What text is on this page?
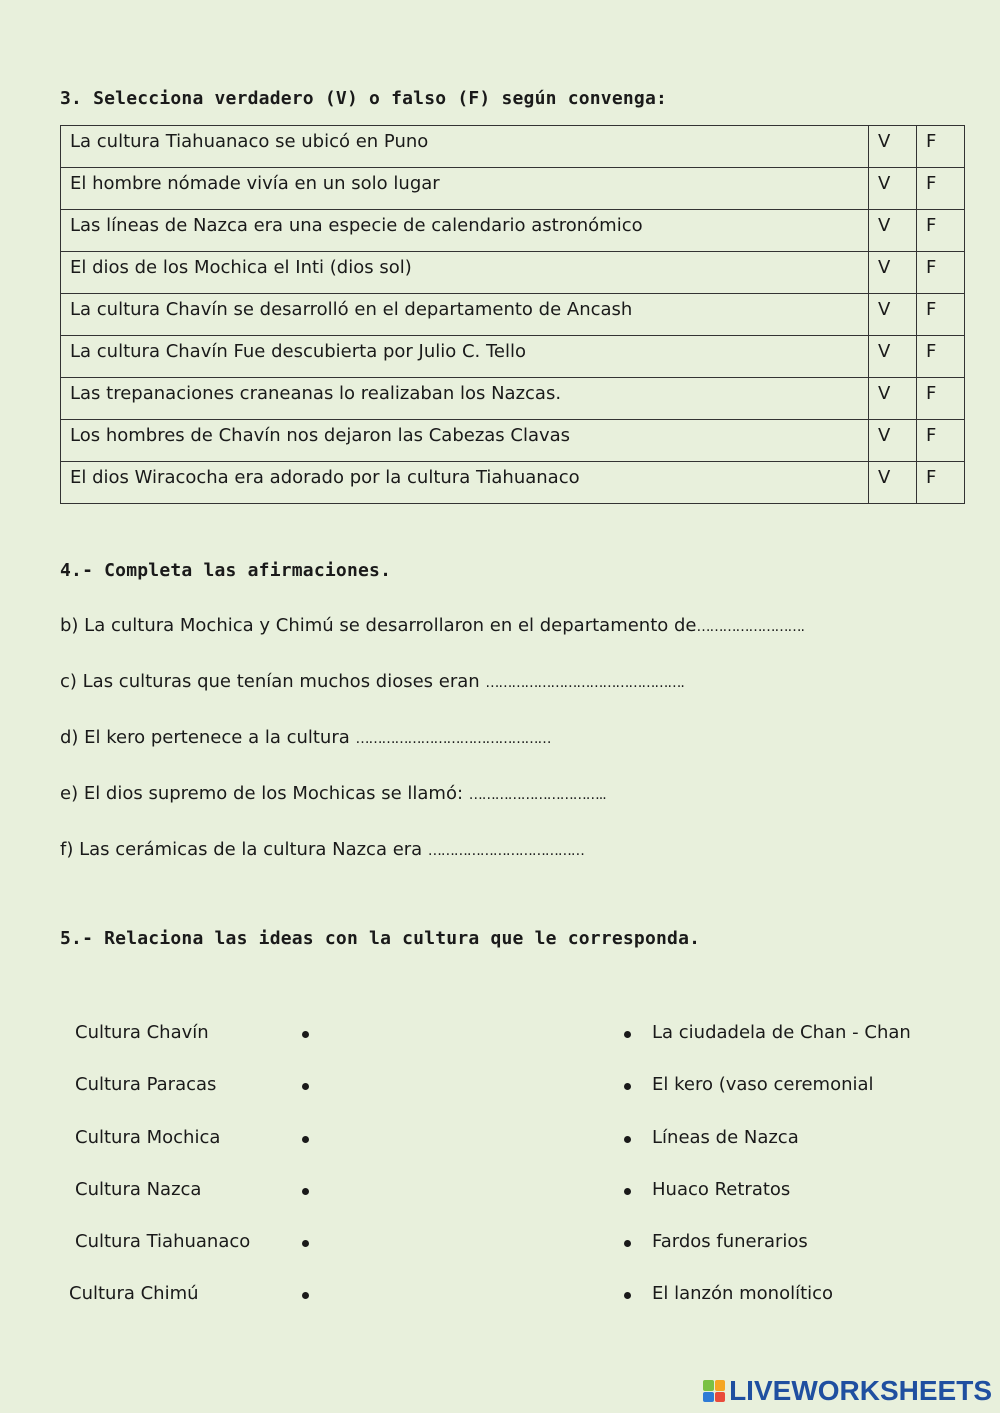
3. Selecciona verdadero (V) o falso (F) según convenga:
La cultura Tiahuanaco se ubicó en Puno	V	F
El hombre nómade vivía en un solo lugar	V	F
Las líneas de Nazca era una especie de calendario astronómico	V	F
El dios de los Mochica el Inti (dios sol)	V	F
La cultura Chavín se desarrolló en el departamento de Ancash	V	F
La cultura Chavín Fue descubierta por Julio C. Tello	V	F
Las trepanaciones craneanas lo realizaban los Nazcas.	V	F
Los hombres de Chavín nos dejaron las Cabezas Clavas	V	F
El dios Wiracocha era adorado por la cultura Tiahuanaco	V	F
4.- Completa las afirmaciones.
b) La cultura Mochica y Chimú se desarrollaron en el departamento de…………………….
c) Las culturas que tenían muchos dioses eran ……………………………………….
d) El kero pertenece a la cultura ………………………………………
e) El dios supremo de los Mochicas se llamó: …………………………..
f) Las cerámicas de la cultura Nazca era ………………………………
5.- Relaciona las ideas con la cultura que le corresponda.
Cultura Chavín
Cultura Paracas
Cultura Mochica
Cultura Nazca
Cultura Tiahuanaco
Cultura Chimú
La ciudadela de Chan - Chan
El kero (vaso ceremonial
Líneas de Nazca
Huaco Retratos
Fardos funerarios
El lanzón monolítico
LIVEWORKSHEETS
